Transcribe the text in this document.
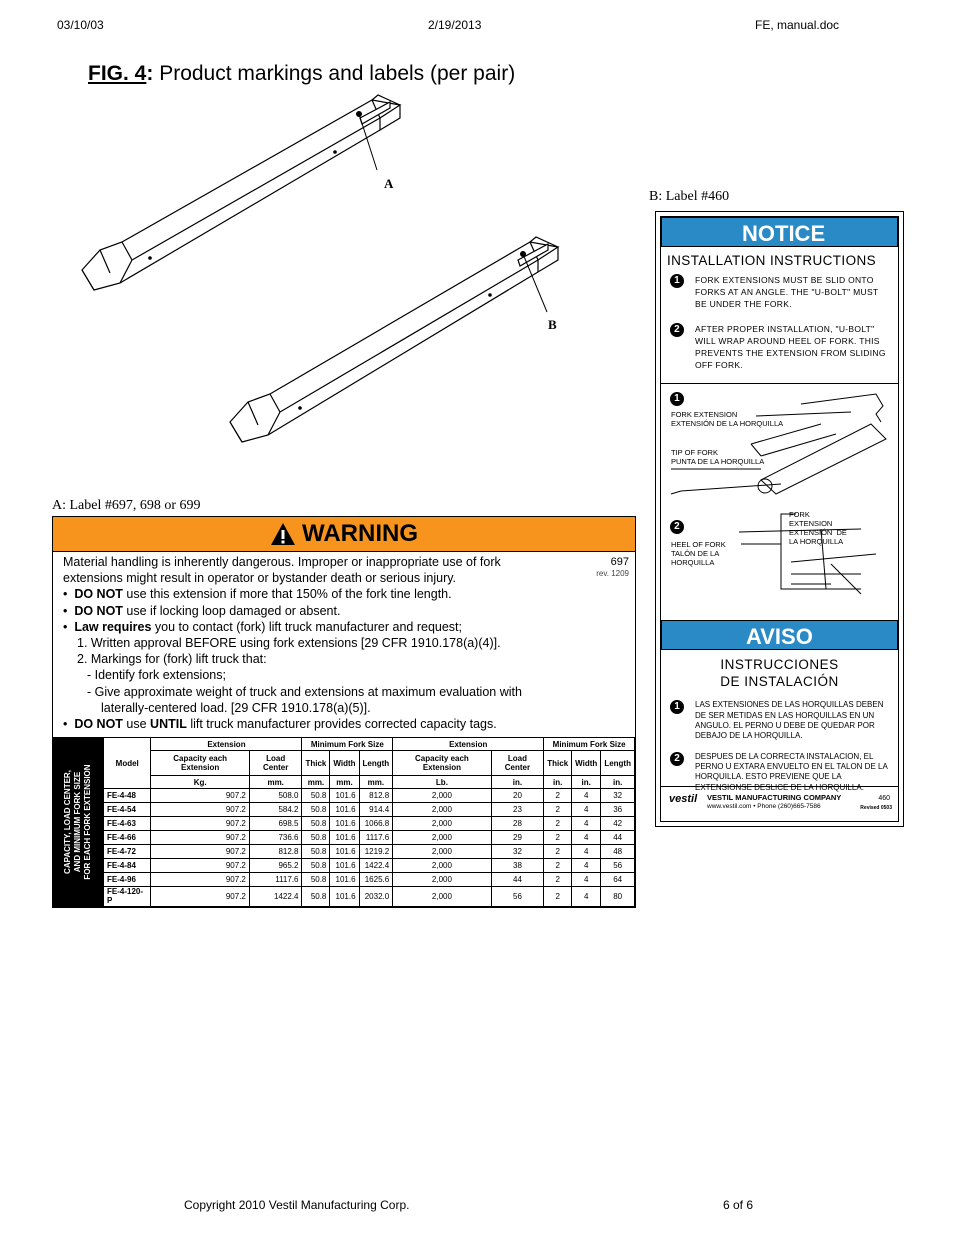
03/10/03	2/19/2013	FE, manual.doc
FIG. 4: Product markings and labels (per pair)
A
B
B: Label #460
A: Label #697, 698 or 699
WARNING
697
rev. 1209

Material handling is inherently dangerous. Improper or inappropriate use of fork extensions might result in operator or bystander death or serious injury.

•  DO NOT use this extension if more that 150% of the fork tine length.

•  DO NOT use if locking loop damaged or absent.

•  Law requires you to contact (fork) lift truck manufacturer and request;

1. Written approval BEFORE using fork extensions [29 CFR 1910.178(a)(4)].

2. Markings for (fork) lift truck that:

- Identify fork extensions;

- Give approximate weight of truck and extensions at maximum evaluation with

laterally-centered load. [29 CFR 1910.178(a)(5)].

•  DO NOT use UNTIL lift truck manufacturer provides corrected capacity tags.

CAPACITY, LOAD CENTER,
AND MINIMUM FORK SIZE
FOR EACH FORK EXTENSION
Model	Extension		Minimum Fork Size			Extension		Minimum Fork Size		
	Capacity each Extension	Load Center	Thick	Width	Length	Capacity each Extension	Load Center	Thick	Width	Length
	Kg.	mm.	mm.	mm.	mm.	Lb.	in.	in.	in.	in.
FE-4-48	907.2	508.0	50.8	101.6	812.8	2,000	20	2	4	32
FE-4-54	907.2	584.2	50.8	101.6	914.4	2,000	23	2	4	36
FE-4-63	907.2	698.5	50.8	101.6	1066.8	2,000	28	2	4	42
FE-4-66	907.2	736.6	50.8	101.6	1117.6	2,000	29	2	4	44
FE-4-72	907.2	812.8	50.8	101.6	1219.2	2,000	32	2	4	48
FE-4-84	907.2	965.2	50.8	101.6	1422.4	2,000	38	2	4	56
FE-4-96	907.2	1117.6	50.8	101.6	1625.6	2,000	44	2	4	64
FE-4-120-P	907.2	1422.4	50.8	101.6	2032.0	2,000	56	2	4	80
NOTICE
INSTALLATION INSTRUCTIONS
1	FORK EXTENSIONS MUST BE SLID ONTO FORKS AT AN ANGLE. THE "U-BOLT" MUST BE UNDER THE FORK.
2	AFTER PROPER INSTALLATION, "U-BOLT" WILL WRAP AROUND HEEL OF FORK. THIS PREVENTS THE EXTENSION FROM SLIDING OFF FORK.
1
FORK EXTENSION
EXTENSIÓN DE LA HORQUILLA
TIP OF FORK
PUNTA DE LA HORQUILLA
2
FORK
EXTENSION
EXTENSIÓN  DE
LA HORQUILLA
HEEL OF FORK
TALÓN DE LA
HORQUILLA
AVISO
INSTRUCCIONES
DE INSTALACIÓN
1	LAS EXTENSIONES DE LAS HORQUILLAS DEBEN DE SER METIDAS EN LAS HORQUILLAS EN UN ANGULO. EL PERNO U DEBE DE QUEDAR POR DEBAJO DE LA HORQUILLA.
2	DESPUES DE LA CORRECTA INSTALACION, EL PERNO U EXTARA ENVUELTO EN EL TALON DE LA HORQUILLA. ESTO PREVIENE QUE LA EXTENSIONSE DESLICE DE LA HORQUILLA.
vestil VESTIL MANUFACTURING COMPANY
www.vestil.com • Phone (260)665-7586
460
Revised 0503
Copyright 2010 Vestil Manufacturing Corp.	6 of 6
